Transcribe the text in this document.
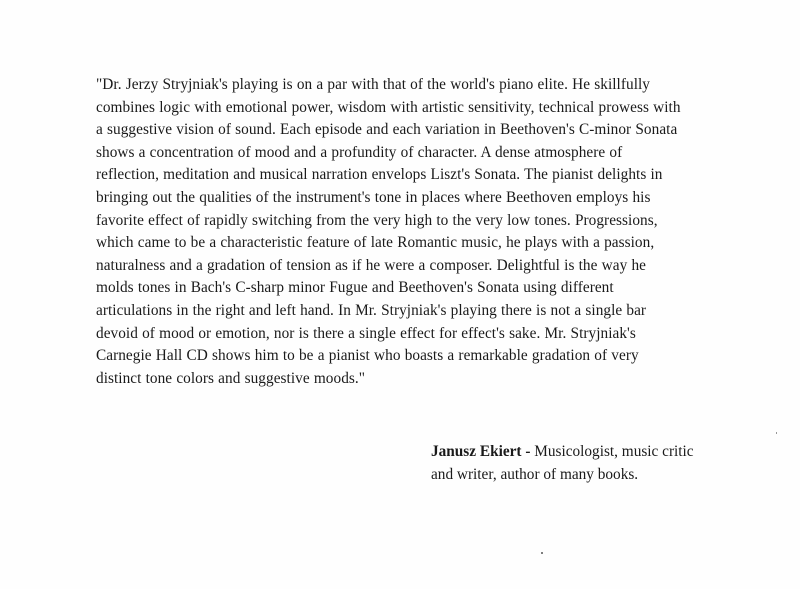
"Dr. Jerzy Stryjniak's playing is on a par with that of the world's piano elite. He skillfully
combines logic with emotional power, wisdom with artistic sensitivity, technical prowess with
a suggestive vision of sound. Each episode and each variation in Beethoven's C-minor Sonata
shows a concentration of mood and a profundity of character. A dense atmosphere of
reflection, meditation and musical narration envelops Liszt's Sonata. The pianist delights in
bringing out the qualities of the instrument's tone in places where Beethoven employs his
favorite effect of rapidly switching from the very high to the very low tones. Progressions,
which came to be a characteristic feature of late Romantic music, he plays with a passion,
naturalness and a gradation of tension as if he were a composer. Delightful is the way he
molds tones in Bach's C-sharp minor Fugue and Beethoven's Sonata using different
articulations in the right and left hand. In Mr. Stryjniak's playing there is not a single bar
devoid of mood or emotion, nor is there a single effect for effect's sake. Mr. Stryjniak's
Carnegie Hall CD shows him to be a pianist who boasts a remarkable gradation of very
distinct tone colors and suggestive moods."

Janusz Ekiert - Musicologist, music critic
and writer, author of many books.
